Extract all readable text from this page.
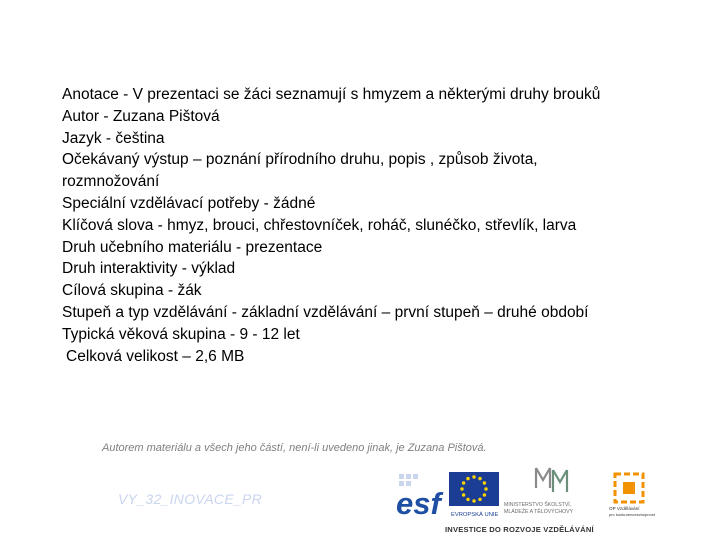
Anotace - V prezentaci se žáci seznamují s hmyzem a některými druhy brouků
Autor - Zuzana Pištová
Jazyk - čeština
Očekávaný výstup – poznání přírodního druhu, popis , způsob života,
rozmnožování
Speciální vzdělávací potřeby - žádné
Klíčová slova - hmyz, brouci, chřestovníček, roháč, slunéčko, střevlík, larva
Druh učebního materiálu - prezentace
Druh interaktivity - výklad
Cílová skupina - žák
Stupeň a typ vzdělávání - základní vzdělávání – první stupeň – druhé období
Typická věková skupina - 9 - 12 let
Celková velikost – 2,6 MB
Autorem materiálu a všech jeho částí, není-li uvedeno jinak, je Zuzana Pištová.
VY_32_INOVACE_PR	esf	EVROPSKÁ UNIE
MINISTERSTVO ŠKOLSTVÍ,
MLÁDEŽE A TĚLOVÝCHOVY
OP Vzdělávání
pro konkurenceschopnost
INVESTICE DO ROZVOJE VZDĚLÁVÁNÍ
